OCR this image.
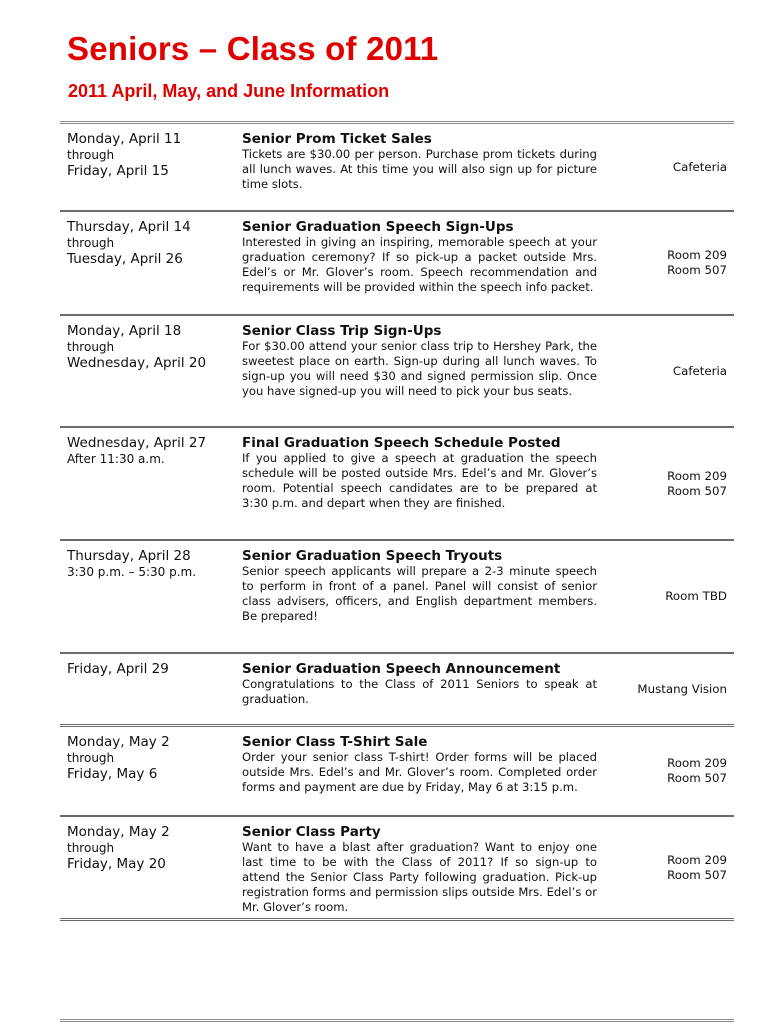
Seniors – Class of 2011
2011 April, May, and June Information
Monday, April 11
through
Friday, April 15
Senior Prom Ticket Sales
Tickets are $30.00 per person. Purchase prom tickets during all lunch waves. At this time you will also sign up for picture time slots.
Cafeteria
Thursday, April 14
through
Tuesday, April 26
Senior Graduation Speech Sign-Ups
Interested in giving an inspiring, memorable speech at your graduation ceremony? If so pick-up a packet outside Mrs. Edel’s or Mr. Glover’s room. Speech recommendation and requirements will be provided within the speech info packet.
Room 209
Room 507
Monday, April 18
through
Wednesday, April 20
Senior Class Trip Sign-Ups
For $30.00 attend your senior class trip to Hershey Park, the sweetest place on earth. Sign-up during all lunch waves. To sign-up you will need $30 and signed permission slip. Once you have signed-up you will need to pick your bus seats.
Cafeteria
Wednesday, April 27
After 11:30 a.m.
Final Graduation Speech Schedule Posted
If you applied to give a speech at graduation the speech schedule will be posted outside Mrs. Edel’s and Mr. Glover’s room. Potential speech candidates are to be prepared at 3:30 p.m. and depart when they are finished.
Room 209
Room 507
Thursday, April 28
3:30 p.m. – 5:30 p.m.
Senior Graduation Speech Tryouts
Senior speech applicants will prepare a 2-3 minute speech to perform in front of a panel. Panel will consist of senior class advisers, officers, and English department members. Be prepared!
Room TBD
Friday, April 29	Senior Graduation Speech Announcement
Congratulations to the Class of 2011 Seniors to speak at graduation.
Mustang Vision
Monday, May 2
through
Friday, May 6
Senior Class T-Shirt Sale
Order your senior class T-shirt! Order forms will be placed outside Mrs. Edel’s and Mr. Glover’s room. Completed order forms and payment are due by Friday, May 6 at 3:15 p.m.
Room 209
Room 507
Monday, May 2
through
Friday, May 20
Senior Class Party
Want to have a blast after graduation? Want to enjoy one last time to be with the Class of 2011? If so sign-up to attend the Senior Class Party following graduation. Pick-up registration forms and permission slips outside Mrs. Edel’s or Mr. Glover’s room.
Room 209
Room 507
